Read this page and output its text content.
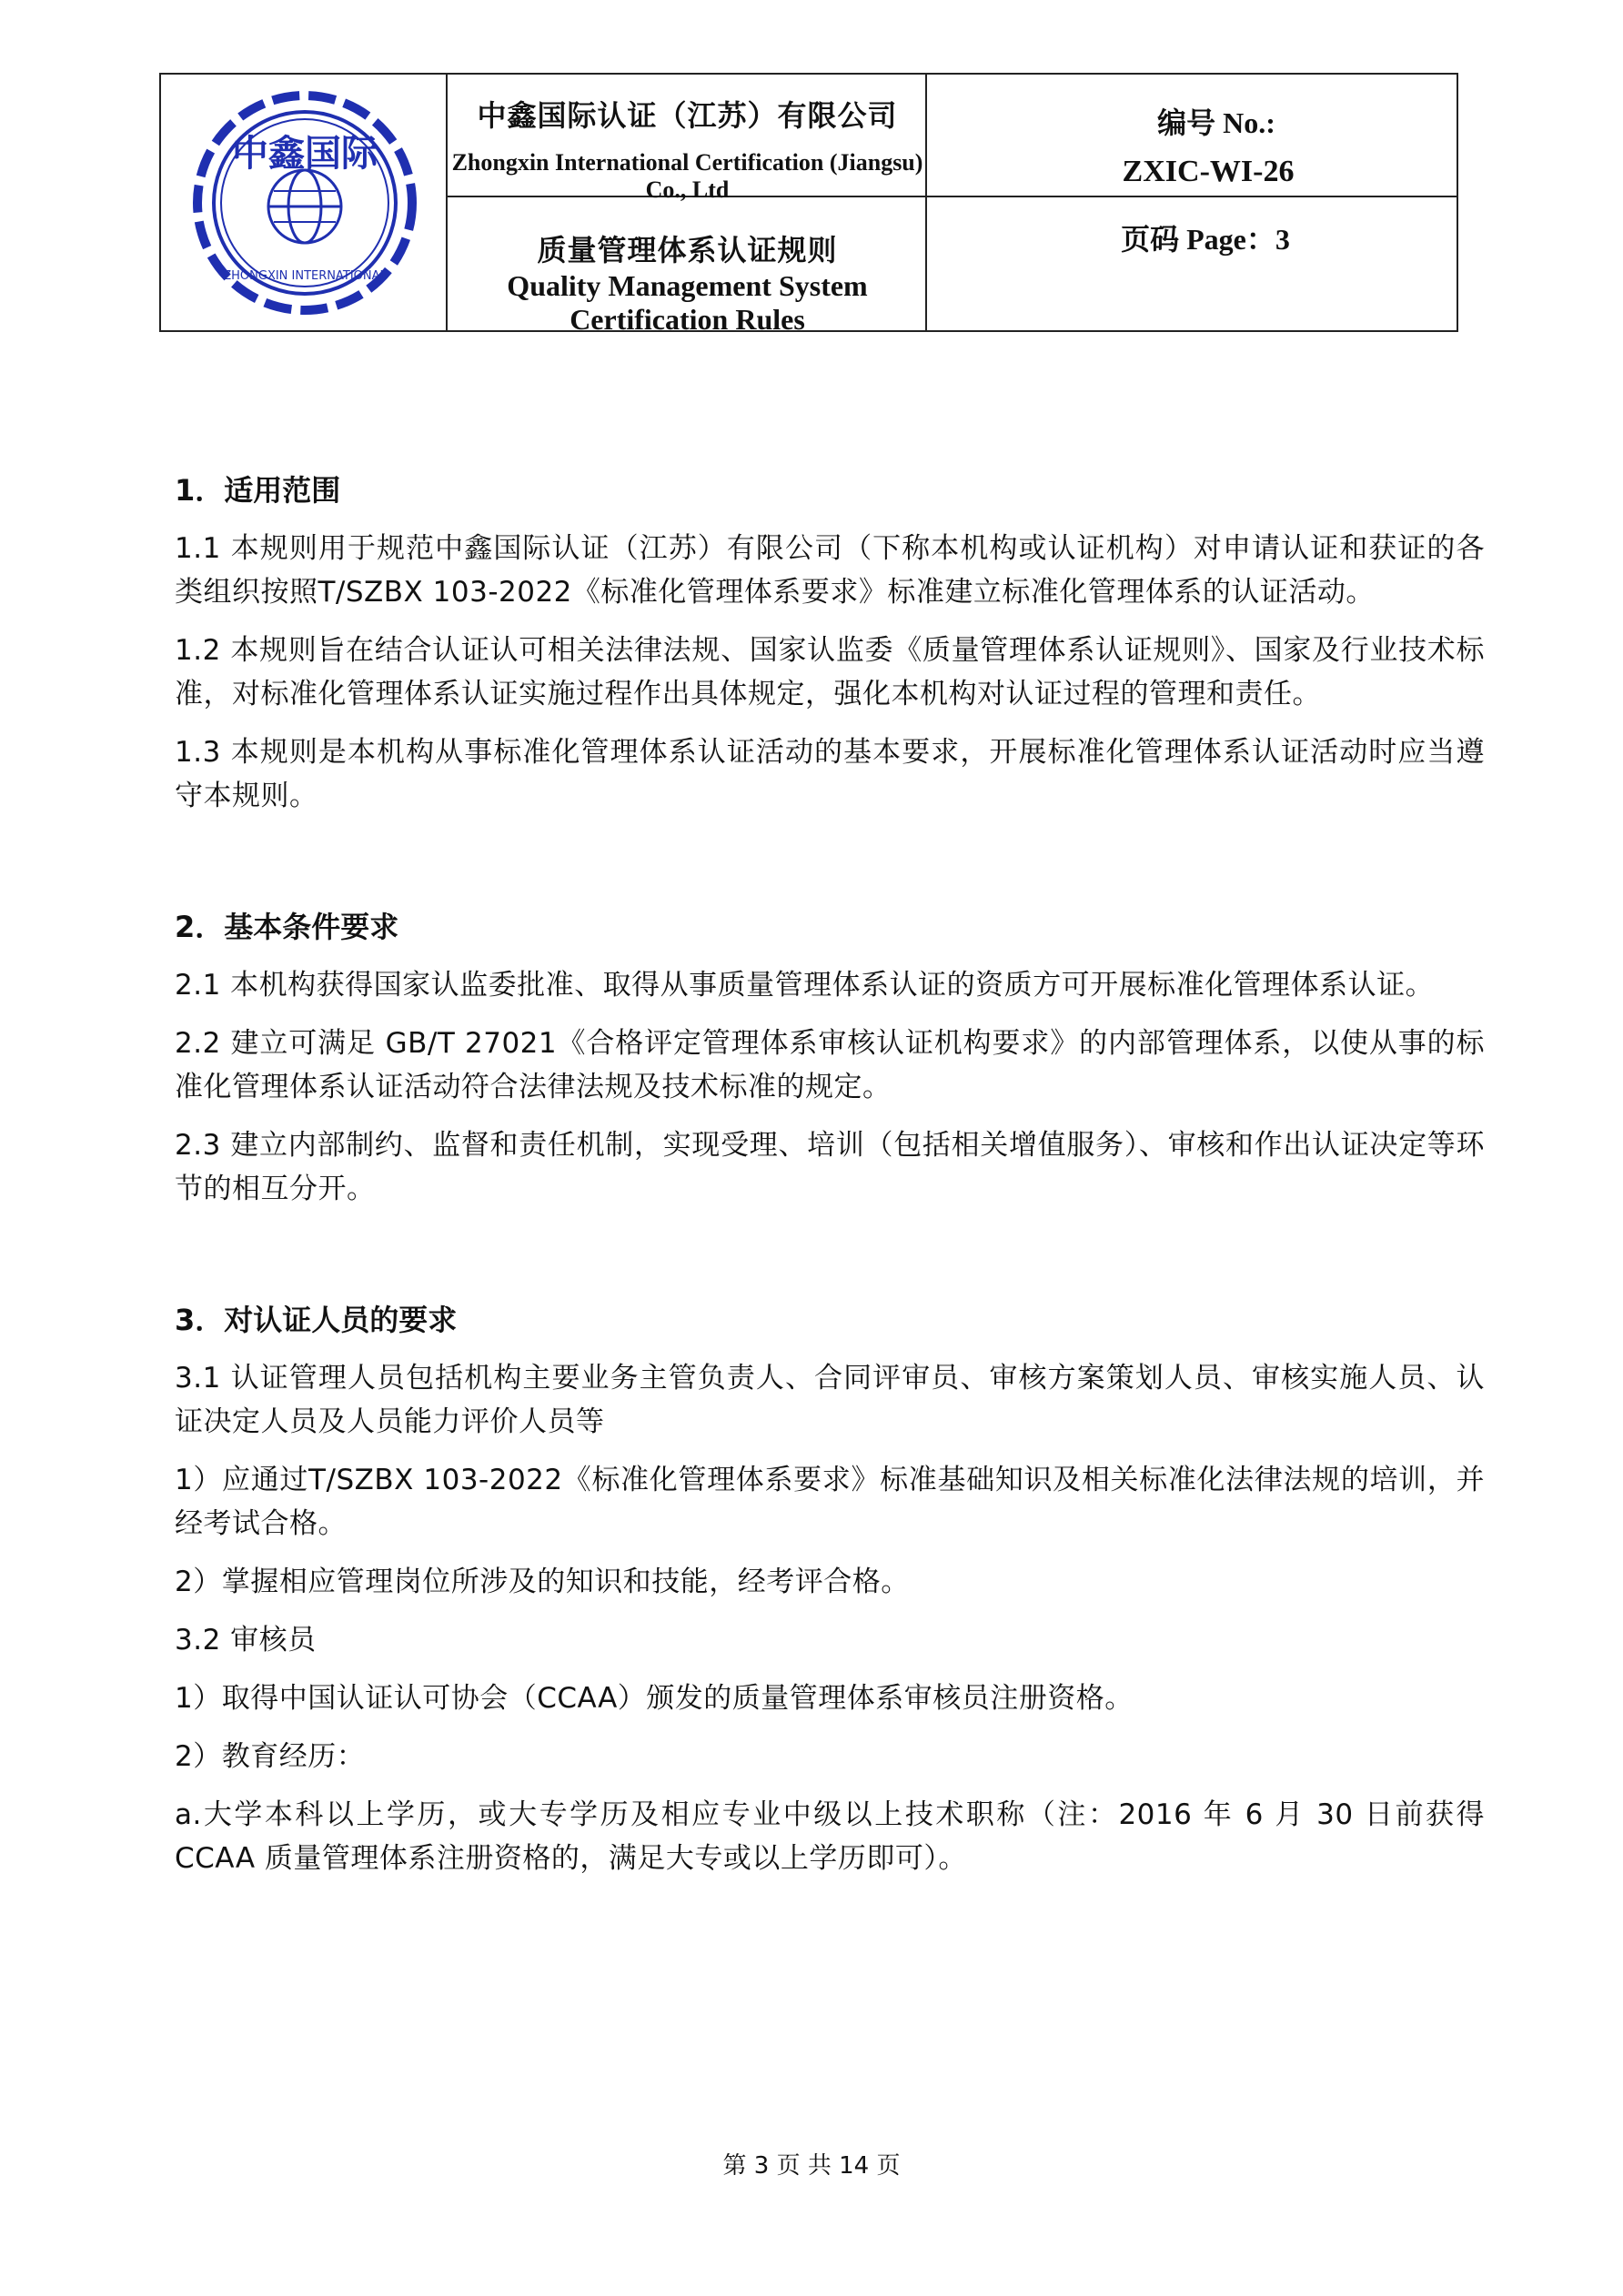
中鑫国际
ZHONGXIN INTERNATIONAL
中鑫国际认证（江苏）有限公司
Zhongxin International Certification (Jiangsu) Co., Ltd
质量管理体系认证规则
Quality Management System Certification Rules
编号 No.:
ZXIC-WI-26
页码 Page：3
1．适用范围

1.1 本规则用于规范中鑫国际认证（江苏）有限公司（下称本机构或认证机构）对申请认证和获证的各类组织按照T/SZBX 103-2022《标准化管理体系要求》标准建立标准化管理体系的认证活动。

1.2 本规则旨在结合认证认可相关法律法规、国家认监委《质量管理体系认证规则》、国家及行业技术标准，对标准化管理体系认证实施过程作出具体规定，强化本机构对认证过程的管理和责任。

1.3 本规则是本机构从事标准化管理体系认证活动的基本要求，开展标准化管理体系认证活动时应当遵守本规则。

2．基本条件要求

2.1 本机构获得国家认监委批准、取得从事质量管理体系认证的资质方可开展标准化管理体系认证。

2.2 建立可满足 GB/T 27021《合格评定管理体系审核认证机构要求》的内部管理体系，以使从事的标准化管理体系认证活动符合法律法规及技术标准的规定。

2.3 建立内部制约、监督和责任机制，实现受理、培训（包括相关增值服务）、审核和作出认证决定等环节的相互分开。

3．对认证人员的要求

3.1 认证管理人员包括机构主要业务主管负责人、合同评审员、审核方案策划人员、审核实施人员、认证决定人员及人员能力评价人员等

1）应通过T/SZBX 103-2022《标准化管理体系要求》标准基础知识及相关标准化法律法规的培训，并经考试合格。

2）掌握相应管理岗位所涉及的知识和技能，经考评合格。

3.2 审核员

1）取得中国认证认可协会（CCAA）颁发的质量管理体系审核员注册资格。

2）教育经历：

a.大学本科以上学历，或大专学历及相应专业中级以上技术职称（注：2016 年 6 月 30 日前获得 CCAA 质量管理体系注册资格的，满足大专或以上学历即可）。

第 3 页 共 14 页
